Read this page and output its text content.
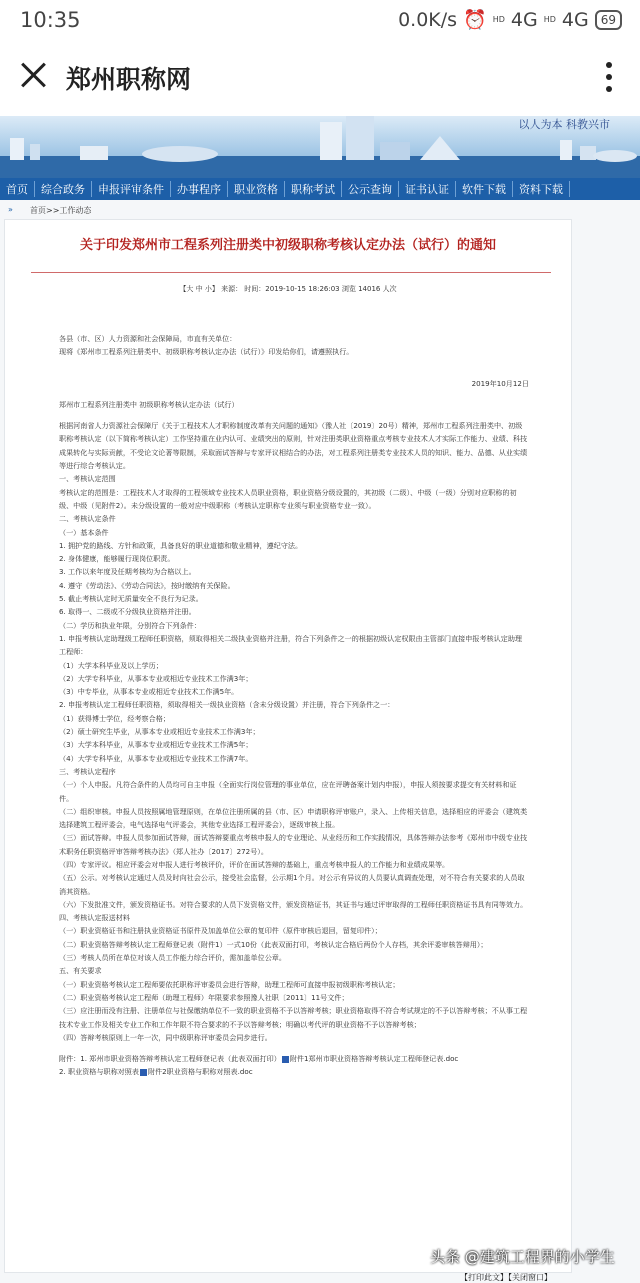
10:35	0.0K/s ⏰ HD 4G HD 4G	69
郑州职称网
以人为本 科教兴市
首页	综合政务	申报评审条件	办事程序	职业资格	职称考试	公示查询	证书认证	软件下载	资料下载
» 首页>>工作动态
关于印发郑州市工程系列注册类中初级职称考核认定办法（试行）的通知
【大 中 小】 来源： 时间：2019-10-15 18:26:03 浏览 14016 人次

各县（市、区）人力资源和社会保障局，市直有关单位：

现将《郑州市工程系列注册类中、初级职称考核认定办法（试行）》印发给你们，请遵照执行。

2019年10月12日

郑州市工程系列注册类中 初级职称考核认定办法（试行）

根据河南省人力资源社会保障厅《关于工程技术人才职称制度改革有关问题的通知》（豫人社〔2019〕20号）精神，郑州市工程系列注册类中、初级职称考核认定（以下简称考核认定）工作坚持重在业内认可、业绩突出的原则，针对注册类职业资格重点考核专业技术人才实际工作能力、业绩、科技成果转化与实际贡献，不受论文论著等限制，采取面试答辩与专家评议相结合的办法，对工程系列注册类专业技术人员的知识、能力、品德、从业实绩等进行综合考核认定。

一、考核认定范围

考核认定的范围是：工程技术人才取得的工程领域专业技术人员职业资格，职业资格分级设置的，其初级（二级）、中级（一级）分别对应职称的初级、中级（见附件2）。未分级设置的一般对应中级职称（考核认定职称专业须与职业资格专业一致）。

二、考核认定条件

（一）基本条件

1. 拥护党的路线、方针和政策，具备良好的职业道德和敬业精神，遵纪守法。

2. 身体健康，能够履行现岗位职责。

3. 工作以来年度及任期考核均为合格以上。

4. 遵守《劳动法》、《劳动合同法》，按时缴纳有关保险。

5. 截止考核认定时无质量安全不良行为记录。

6. 取得一、二级或不分级执业资格并注册。

（二）学历和执业年限，分别符合下列条件：

1. 申报考核认定助理级工程师任职资格，须取得相关二级执业资格并注册，符合下列条件之一的根据初级认定权限由主管部门直接申报考核认定助理工程师：

（1）大学本科毕业及以上学历；

（2）大学专科毕业，从事本专业或相近专业技术工作满3年；

（3）中专毕业，从事本专业或相近专业技术工作满5年。

2. 申报考核认定工程师任职资格，须取得相关一级执业资格（含未分级设置）并注册，符合下列条件之一：

（1）获得博士学位，经考察合格；

（2）硕士研究生毕业，从事本专业或相近专业技术工作满3年；

（3）大学本科毕业，从事本专业或相近专业技术工作满5年；

（4）大学专科毕业，从事本专业或相近专业技术工作满7年。

三、考核认定程序

（一）个人申报。凡符合条件的人员均可自主申报（全面实行岗位管理的事业单位，应在评聘备案计划内申报），申报人须按要求提交有关材料和证件。

（二）组织审核。申报人员按照属地管理原则，在单位注册所属的县（市、区）申请职称评审账户，录入、上传相关信息，选择相应的评委会（建筑类选择建筑工程评委会，电气选择电气评委会，其他专业选择工程评委会），逐级审核上报。

（三）面试答辩。申报人员参加面试答辩，面试答辩要重点考核申报人的专业理论、从业经历和工作实践情况，具体答辩办法参考《郑州市中级专业技术职务任职资格评审答辩考核办法》（郑人社办〔2017〕272号）。

（四）专家评议。相应评委会对申报人进行考核评价，评价在面试答辩的基础上，重点考核申报人的工作能力和业绩成果等。

（五）公示。对考核认定通过人员及时向社会公示，接受社会监督，公示期1个月。对公示有异议的人员要认真调查处理，对不符合有关要求的人员取消其资格。

（六）下发批准文件，颁发资格证书。对符合要求的人员下发资格文件，颁发资格证书，其证书与通过评审取得的工程师任职资格证书具有同等效力。

四、考核认定报送材料

（一）职业资格证书和注册执业资格证书原件及加盖单位公章的复印件（原件审核后退回，留复印件）；

（二）职业资格答辩考核认定工程师登记表（附件1）一式10份（此表双面打印，考核认定合格后两份个人存档，其余评委审核答辩用）；

（三）考核人员所在单位对该人员工作能力综合评价，需加盖单位公章。

五、有关要求

（一）职业资格考核认定工程师要依托职称评审委员会进行答辩，助理工程师可直接申报初级职称考核认定；

（二）职业资格考核认定工程师（助理工程师）年限要求参照豫人社职〔2011〕11号文件；

（三）应注册而没有注册、注册单位与社保缴纳单位不一致的职业资格不予以答辩考核；职业资格取得不符合考试规定的不予以答辩考核；不从事工程技术专业工作及相关专业工作和工作年限不符合要求的不予以答辩考核；明确以考代评的职业资格不予以答辩考核；

（四）答辩考核原则上一年一次，同中级职称评审委员会同步进行。

附件：1. 郑州市职业资格答辩考核认定工程师登记表（此表双面打印） 附件1郑州市职业资格答辩考核认定工程师登记表.doc

2. 职业资格与职称对照表 附件2职业资格与职称对照表.doc

头条 @建筑工程界的小学生
【打印此文】【关闭窗口】
